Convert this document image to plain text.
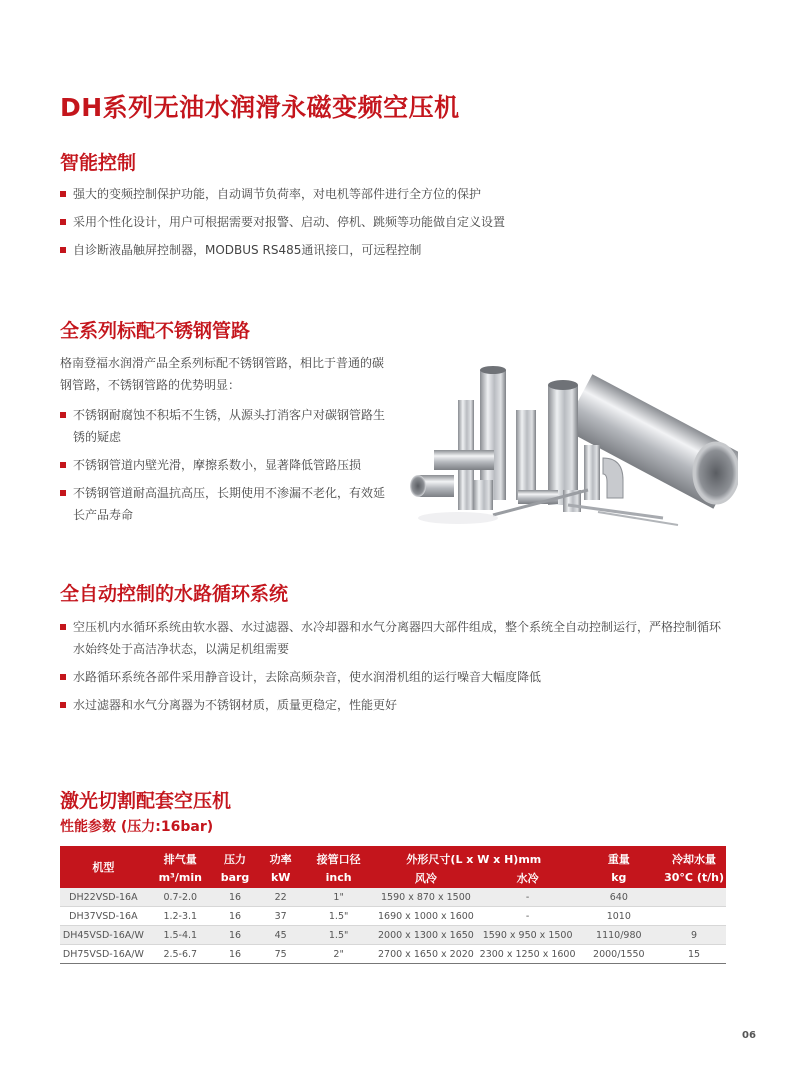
DH系列无油水润滑永磁变频空压机
智能控制
强大的变频控制保护功能，自动调节负荷率，对电机等部件进行全方位的保护
采用个性化设计，用户可根据需要对报警、启动、停机、跳频等功能做自定义设置
自诊断液晶触屏控制器，MODBUS RS485通讯接口，可远程控制
全系列标配不锈钢管路
格南登福水润滑产品全系列标配不锈钢管路，相比于普通的碳钢管路，不锈钢管路的优势明显：
不锈钢耐腐蚀不积垢不生锈，从源头打消客户对碳钢管路生锈的疑虑
不锈钢管道内壁光滑，摩擦系数小，显著降低管路压损
不锈钢管道耐高温抗高压，长期使用不渗漏不老化，有效延长产品寿命
全自动控制的水路循环系统
空压机内水循环系统由软水器、水过滤器、水冷却器和水气分离器四大部件组成，整个系统全自动控制运行，严格控制循环水始终处于高洁净状态，以满足机组需要
水路循环系统各部件采用静音设计，去除高频杂音，使水润滑机组的运行噪音大幅度降低
水过滤器和水气分离器为不锈钢材质，质量更稳定，性能更好
激光切割配套空压机
性能参数 (压力:16bar)
机型	排气量	压力	功率	接管口径	外形尺寸(L x W x H)mm		重量	冷却水量
	m³/min	barg	kW	inch	风冷	水冷	kg	30°C (t/h)
DH22VSD-16A	0.7-2.0	16	22	1"	1590 x 870 x 1500	-	640	
DH37VSD-16A	1.2-3.1	16	37	1.5"	1690 x 1000 x 1600	-	1010	
DH45VSD-16A/W	1.5-4.1	16	45	1.5"	2000 x 1300 x 1650	1590 x 950 x 1500	1110/980	9
DH75VSD-16A/W	2.5-6.7	16	75	2"	2700 x 1650 x 2020	2300 x 1250 x 1600	2000/1550	15
06
